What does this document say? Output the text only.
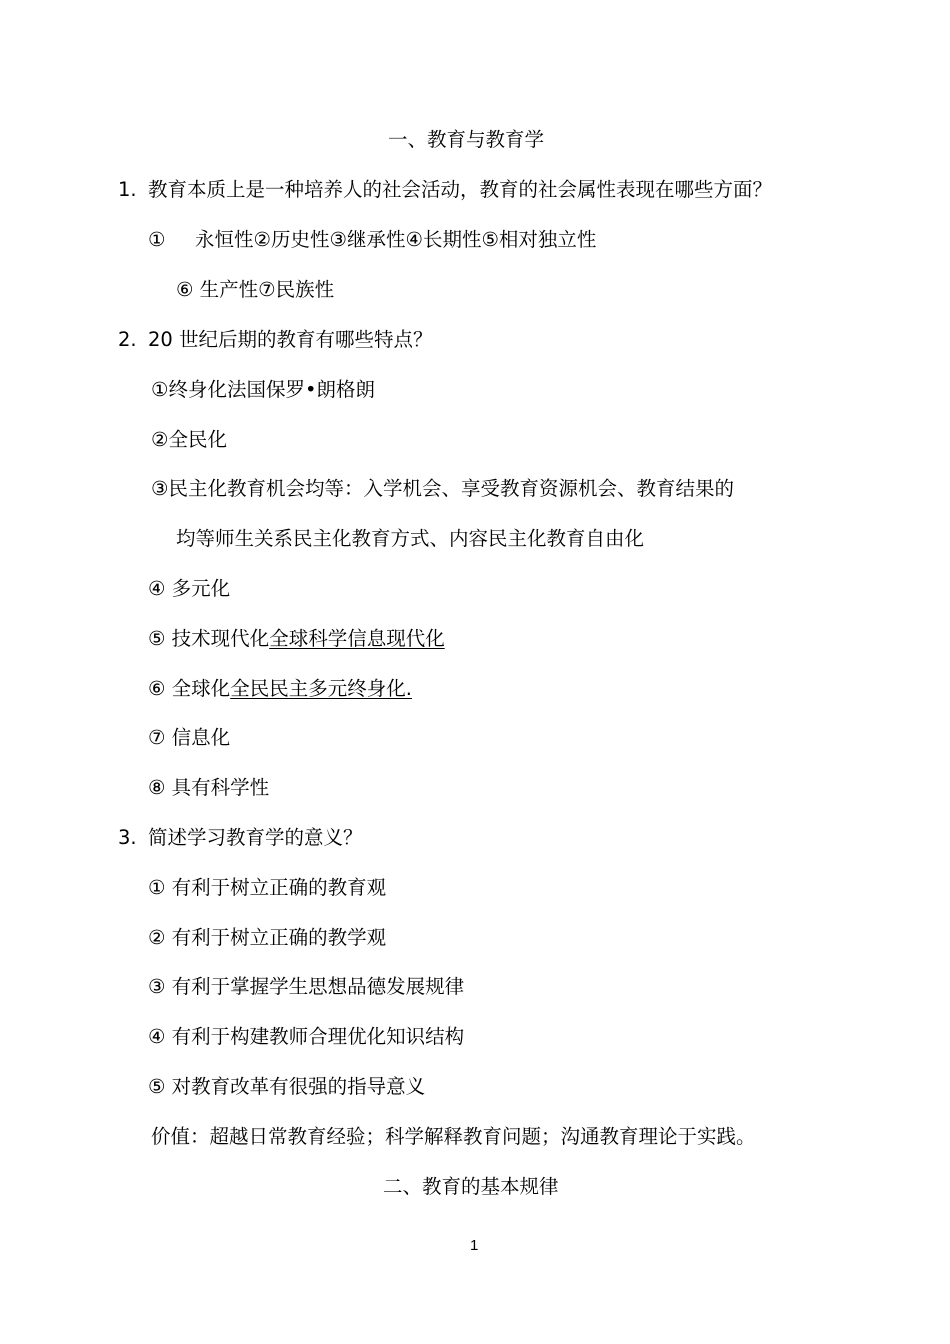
一、教育与教育学
1. 教育本质上是一种培养人的社会活动，教育的社会属性表现在哪些方面？
① 永恒性②历史性③继承性④长期性⑤相对独立性
⑥ 生产性⑦民族性
2. 20 世纪后期的教育有哪些特点？
①终身化法国保罗•朗格朗
②全民化
③民主化教育机会均等：入学机会、享受教育资源机会、教育结果的
均等师生关系民主化教育方式、内容民主化教育自由化
④ 多元化
⑤ 技术现代化全球科学信息现代化
⑥ 全球化全民民主多元终身化.
⑦ 信息化
⑧ 具有科学性
3. 简述学习教育学的意义？
① 有利于树立正确的教育观
② 有利于树立正确的教学观
③ 有利于掌握学生思想品德发展规律
④ 有利于构建教师合理优化知识结构
⑤ 对教育改革有很强的指导意义
价值：超越日常教育经验；科学解释教育问题；沟通教育理论于实践。
二、教育的基本规律
1
